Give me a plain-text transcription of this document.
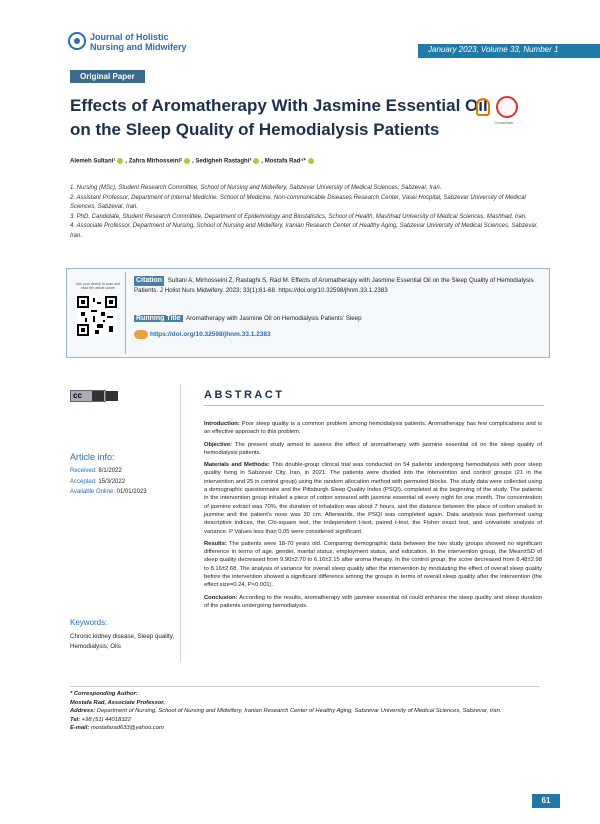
Journal of Holistic
Nursing and Midwifery	January 2023, Volume 33, Number 1
Original Paper
Effects of Aromatherapy With Jasmine Essential Oil on the Sleep Quality of Hemodialysis Patients	CrossMark
Alemeh Sultani¹ , Zahra Mirhosseini² , Sedigheh Rastaghi³ , Mostafa Rad⁴*
1. Nursing (MSc), Student Research Committee, School of Nursing and Midwifery, Sabzevar University of Medical Sciences, Sabzevar, Iran.
2. Assistant Professor, Department of Internal Medicine, School of Medicine, Non-communicable Diseases Research Center, Vasei Hospital, Sabzevar University of Medical Sciences, Sabzevar, Iran.
3. PhD. Candidate, Student Research Committee, Department of Epidemiology and Biostatistics, School of Health, Mashhad University of Medical Sciences, Mashhad, Iran.
4. Associate Professor, Department of Nursing, School of Nursing and Midwifery, Iranian Research Center of Healthy Aging, Sabzevar University of Medical Sciences, Sabzevar, Iran.
Use your device to scan and read the article online
Citation Sultani A, Mirhosseini Z, Rastaghi S, Rad M. Effects of Aromatherapy with Jasmine Essential Oil on the Sleep Quality of Hemodialysis Patients. J Holist Nurs Midwifery. 2023; 33(1):61-68. https://doi.org/10.32598/jhnm.33.1.2383
Running Title Aromatherapy with Jasmine Oil on Hemodialysis Patients' Sleep
https://doi.org/10.32598/jhnm.33.1.2383
cc
Article info:
Received: 8/1/2022
Accepted: 15/3/2022
Available Online: 01/01/2023
Keywords:
Chronic kidney disease, Sleep quality, Hemodialysis, Oils
ABSTRACT

Introduction: Poor sleep quality is a common problem among hemodialysis patients. Aromatherapy has few complications and is an effective approach to this problem.

Objective: The present study aimed to assess the effect of aromatherapy with jasmine essential oil on the sleep quality of hemodialysis patients.

Materials and Methods: This double-group clinical trial was conducted on 54 patients undergoing hemodialysis with poor sleep quality living in Sabzevar City, Iran, in 2021. The patients were divided into the intervention and control groups (21 in the intervention and 25 in control group) using the random allocation method with permuted blocks. The study data were collected using a demographic questionnaire and the Pittsburgh Sleep Quality Index (PSQI), completed at the beginning of the study. The patients in the intervention group inhaled a piece of cotton smeared with jasmine essential oil every night for one month. The concentration of jasmine extract was 70%, the duration of inhalation was about 7 hours, and the distance between the place of cotton soaked in jasmine and the patient's nose was 30 cm. Afterwards, the PSQI was completed again. Data analysis was performed using descriptive indices, the Chi-square test, the independent t-test, paired t-test, the Fisher exact test, and univariate analysis of variance. P Values less than 0.05 were considered significant.

Results: The patients were 18-70 years old. Comparing demographic data between the two study groups showed no significant difference in terms of age, gender, marital status, employment status, and education. In the intervention group, the Mean±SD of sleep quality decreased from 9.90±2.70 to 6.16±2.15 after aroma therapy. In the control group, the score decreased from 8.48±2.98 to 8.16±2.68. The analysis of variance for overall sleep quality after the intervention by modulating the effect of overall sleep quality before the intervention showed a significant difference among the groups in terms of overall sleep quality after the intervention (the effect size=0.24, P<0.001).

Conclusion: According to the results, aromatherapy with jasmine essential oil could enhance the sleep quality and sleep duration of the patients undergoing hemodialysis.

* Corresponding Author:
Mostafa Rad, Associate Professor.
Address: Department of Nursing, School of Nursing and Midwifery, Iranian Research Center of Healthy Aging, Sabzevar University of Medical Sciences, Sabzevar, Iran.
Tel: +98 (51) 44018322
E-mail: mostafarad633@yahoo.com
61
